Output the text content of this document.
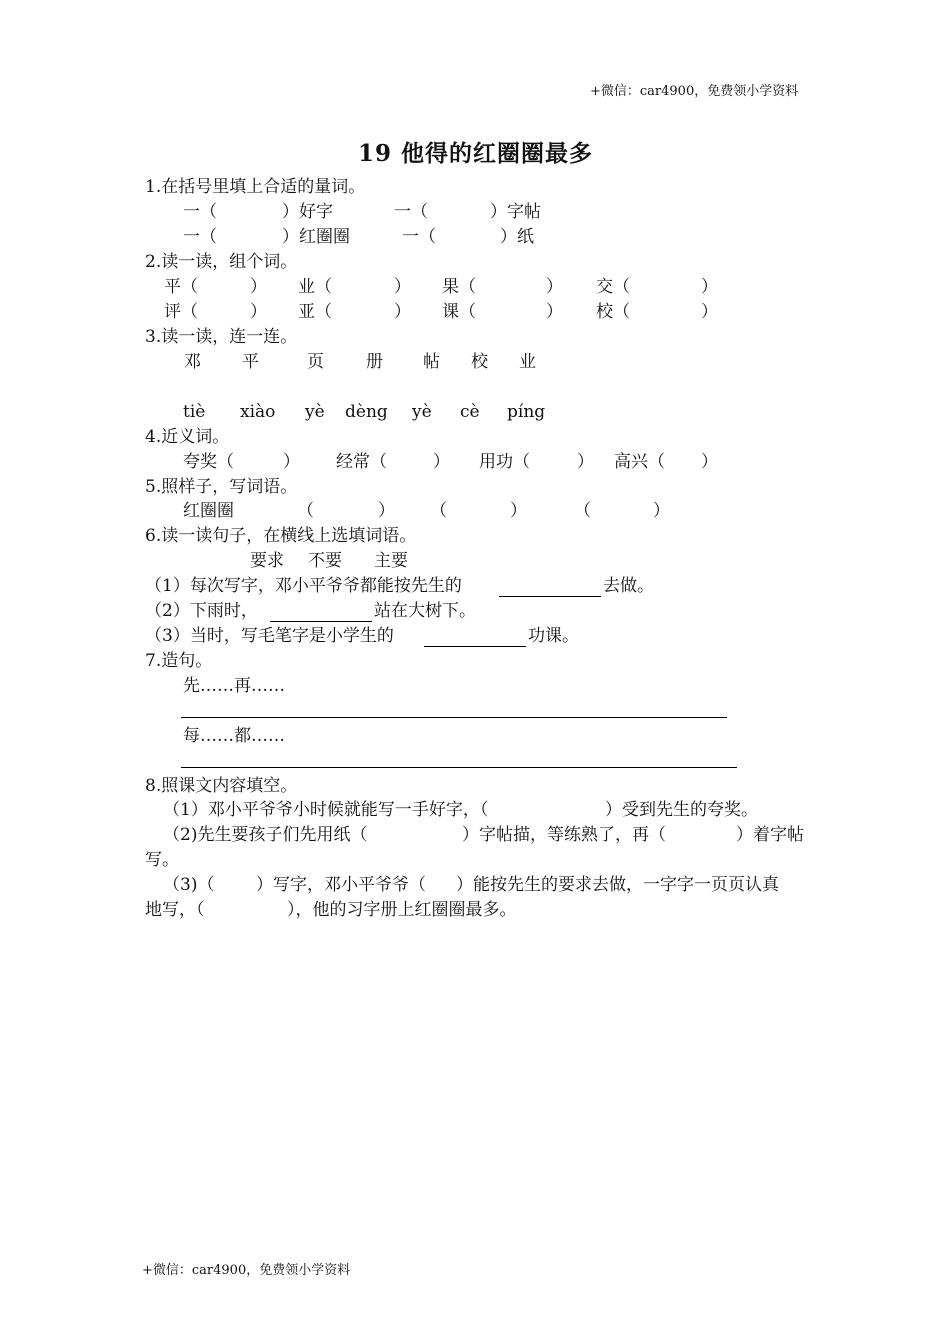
+微信：car4900，免费领小学资料
+微信：car4900，免费领小学资料
19 他得的红圈圈最多
1.在括号里填上合适的量词。
一（	）好字	一（	）字帖
一（	）红圈圈	一（	）纸
2.读一读，组个词。
平（	） 业（	） 果（	） 交（	）
评（	） 亚（	） 课（	） 校（	）
3.读一读，连一连。
邓 平	页 册 帖 校 业
tiè xiào yè dèng yè cè píng
4.近义词。
夸奖（	） 经常（	） 用功（	） 高兴（ ）
5.照样子，写词语。
红圈圈	（	） （	）	（	）
6.读一读句子，在横线上选填词语。
要求 不要 主要
（1）每次写字，邓小平爷爷都能按先生的	去做。
（2）下雨时，	站在大树下。
（3）当时，写毛笔字是小学生的	功课。
7.造句。
先……再……
每……都……
8.照课文内容填空。
（1）邓小平爷爷小时候就能写一手好字，（	）受到先生的夸奖。
（2)先生要孩子们先用纸（	）字帖描，等练熟了，再（	）着字帖
写。
（3)（ ）写字，邓小平爷爷（ ）能按先生的要求去做，一字字一页页认真
地写，（	），他的习字册上红圈圈最多。
